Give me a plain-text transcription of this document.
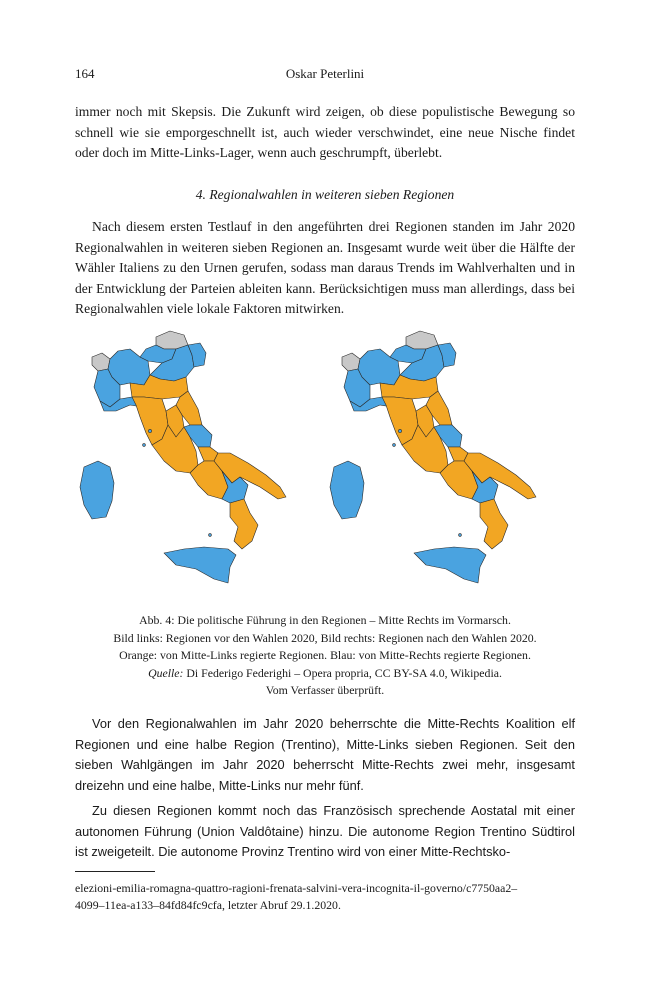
164	Oskar Peterlini

immer noch mit Skepsis. Die Zukunft wird zeigen, ob diese populistische Bewegung so schnell wie sie emporgeschnellt ist, auch wieder verschwindet, eine neue Nische findet oder doch im Mitte-Links-Lager, wenn auch geschrumpft, überlebt.

4. Regionalwahlen in weiteren sieben Regionen

Nach diesem ersten Testlauf in den angeführten drei Regionen standen im Jahr 2020 Regionalwahlen in weiteren sieben Regionen an. Insgesamt wurde weit über die Hälfte der Wähler Italiens zu den Urnen gerufen, sodass man daraus Trends im Wahlverhalten und in der Entwicklung der Parteien ableiten kann. Berücksichtigen muss man allerdings, dass bei Regionalwahlen viele lokale Faktoren mitwirken.

Abb. 4: Die politische Führung in den Regionen – Mitte Rechts im Vormarsch.
Bild links: Regionen vor den Wahlen 2020, Bild rechts: Regionen nach den Wahlen 2020.
Orange: von Mitte-Links regierte Regionen. Blau: von Mitte-Rechts regierte Regionen.
Quelle: Di Federigo Federighi – Opera propria, CC BY-SA 4.0, Wikipedia.
Vom Verfasser überprüft.

Vor den Regionalwahlen im Jahr 2020 beherrschte die Mitte-Rechts Koalition elf Regionen und eine halbe Region (Trentino), Mitte-Links sieben Regionen. Seit den sieben Wahlgängen im Jahr 2020 beherrscht Mitte-Rechts zwei mehr, insgesamt dreizehn und eine halbe, Mitte-Links nur mehr fünf.

Zu diesen Regionen kommt noch das Französisch sprechende Aostatal mit einer autonomen Führung (Union Valdôtaine) hinzu. Die autonome Region Trentino Südtirol ist zweigeteilt. Die autonome Provinz Trentino wird von einer Mitte-Rechtsko-

elezioni-emilia-romagna-quattro-ragioni-frenata-salvini-vera-incognita-il-governo/c7750aa2–
4099–11ea-a133–84fd84fc9cfa, letzter Abruf 29.1.2020.
